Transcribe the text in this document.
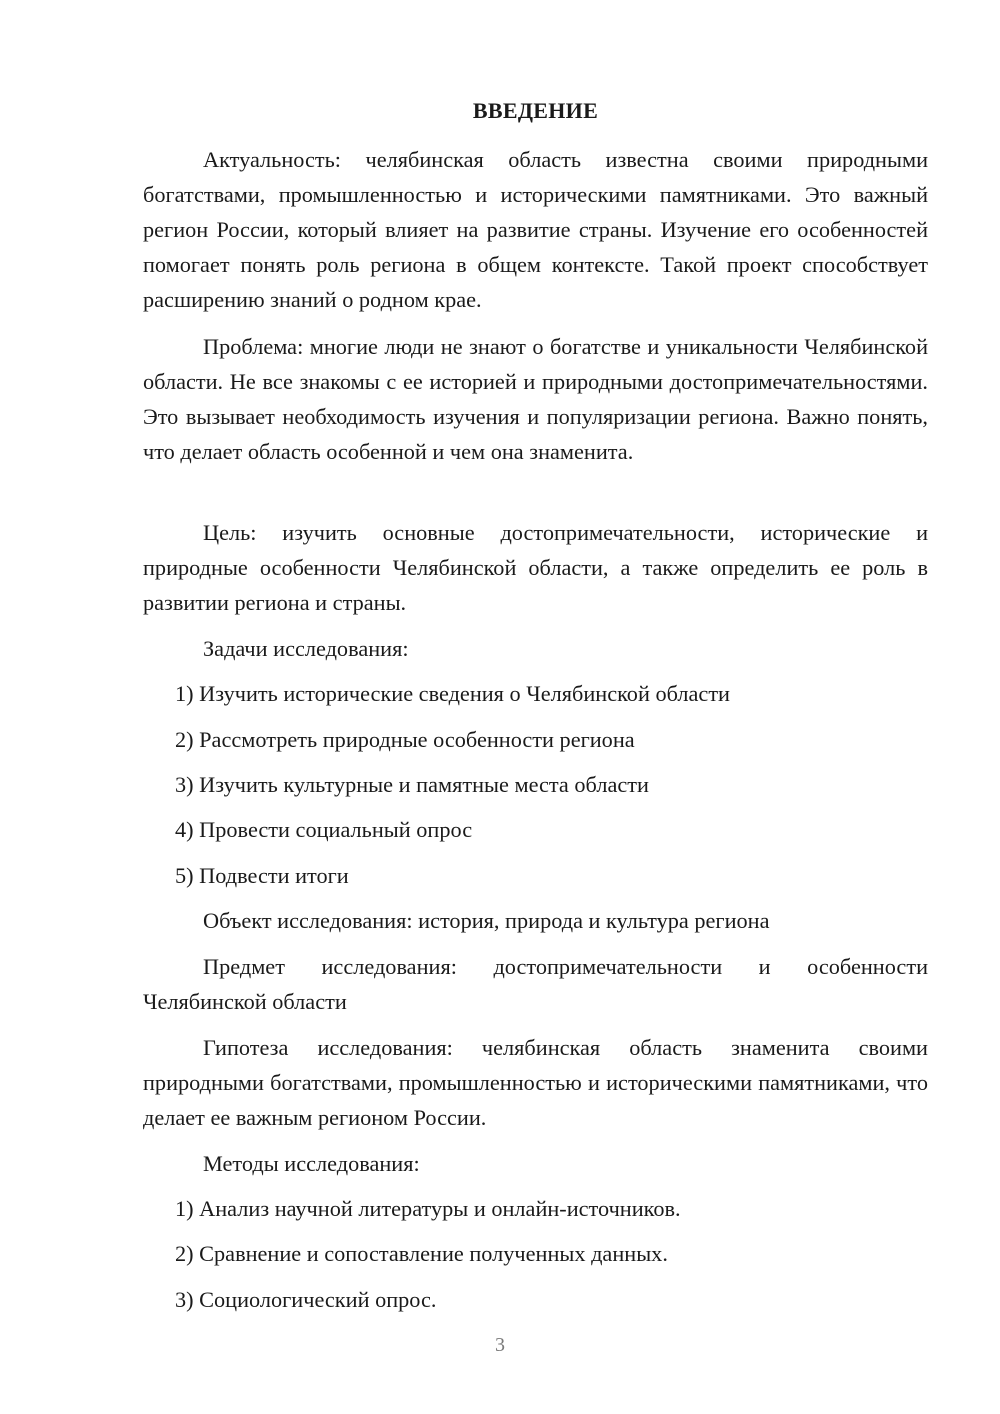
ВВЕДЕНИЕ

Актуальность: челябинская область известна своими природными богатствами, промышленностью и историческими памятниками. Это важный регион России, который влияет на развитие страны. Изучение его особенностей помогает понять роль региона в общем контексте. Такой проект способствует расширению знаний о родном крае.

Проблема: многие люди не знают о богатстве и уникальности Челябинской области. Не все знакомы с ее историей и природными достопримечательностями. Это вызывает необходимость изучения и популяризации региона. Важно понять, что делает область особенной и чем она знаменита.

Цель: изучить основные достопримечательности, исторические и природные особенности Челябинской области, а также определить ее роль в развитии региона и страны.

Задачи исследования:

1) Изучить исторические сведения о Челябинской области

2) Рассмотреть природные особенности региона

3) Изучить культурные и памятные места области

4) Провести социальный опрос

5) Подвести итоги

Объект исследования: история, природа и культура региона

Предмет исследования: достопримечательности и особенности Челябинской области

Гипотеза исследования: челябинская область знаменита своими природными богатствами, промышленностью и историческими памятниками, что делает ее важным регионом России.

Методы исследования:

1) Анализ научной литературы и онлайн-источников.

2) Сравнение и сопоставление полученных данных.

3) Социологический опрос.

3
